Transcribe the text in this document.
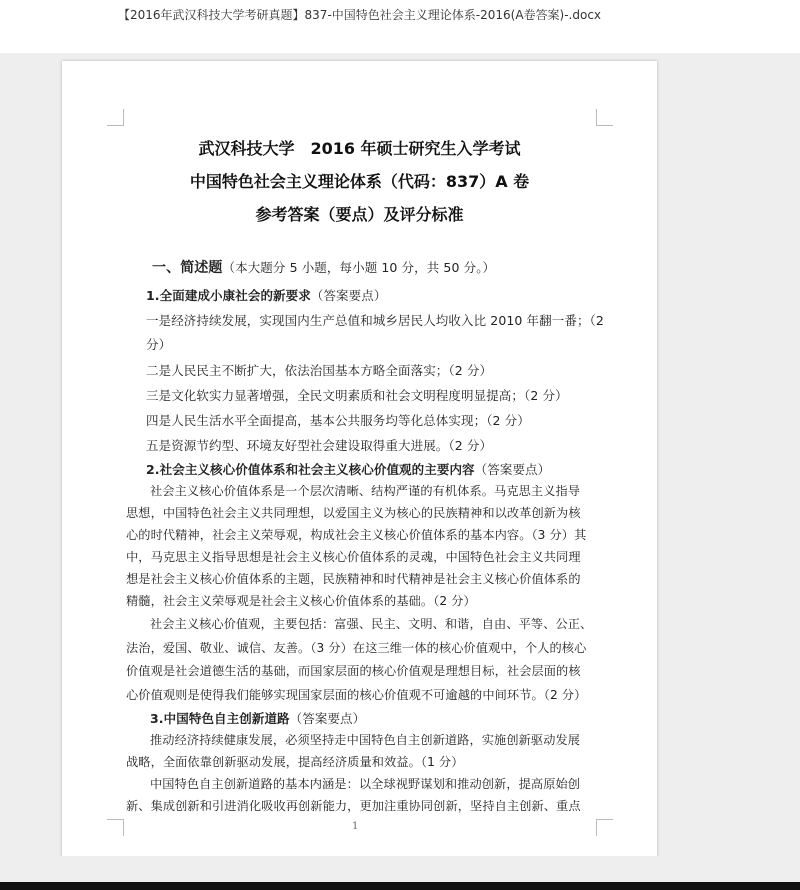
【2016年武汉科技大学考研真题】837-中国特色社会主义理论体系-2016(A卷答案)-.docx
武汉科技大学　2016 年硕士研究生入学考试
中国特色社会主义理论体系（代码：837）A 卷
参考答案（要点）及评分标准
一、简述题（本大题分 5 小题，每小题 10 分，共 50 分。）
1.全面建成小康社会的新要求（答案要点）
一是经济持续发展，实现国内生产总值和城乡居民人均收入比 2010 年翻一番；（2
分）
二是人民民主不断扩大，依法治国基本方略全面落实；（2 分）
三是文化软实力显著增强，全民文明素质和社会文明程度明显提高；（2 分）
四是人民生活水平全面提高，基本公共服务均等化总体实现；（2 分）
五是资源节约型、环境友好型社会建设取得重大进展。（2 分）
2.社会主义核心价值体系和社会主义核心价值观的主要内容（答案要点）
社会主义核心价值体系是一个层次清晰、结构严谨的有机体系。马克思主义指导
思想，中国特色社会主义共同理想，以爱国主义为核心的民族精神和以改革创新为核
心的时代精神，社会主义荣辱观，构成社会主义核心价值体系的基本内容。（3 分）其
中，马克思主义指导思想是社会主义核心价值体系的灵魂，中国特色社会主义共同理
想是社会主义核心价值体系的主题，民族精神和时代精神是社会主义核心价值体系的
精髓，社会主义荣辱观是社会主义核心价值体系的基础。（2 分）
社会主义核心价值观，主要包括：富强、民主、文明、和谐，自由、平等、公正、
法治，爱国、敬业、诚信、友善。（3 分）在这三维一体的核心价值观中，个人的核心
价值观是社会道德生活的基础，而国家层面的核心价值观是理想目标，社会层面的核
心价值观则是使得我们能够实现国家层面的核心价值观不可逾越的中间环节。（2 分）
3.中国特色自主创新道路（答案要点）
推动经济持续健康发展，必须坚持走中国特色自主创新道路，实施创新驱动发展
战略，全面依靠创新驱动发展，提高经济质量和效益。（1 分）
中国特色自主创新道路的基本内涵是：以全球视野谋划和推动创新，提高原始创
新、集成创新和引进消化吸收再创新能力，更加注重协同创新，坚持自主创新、重点
1
